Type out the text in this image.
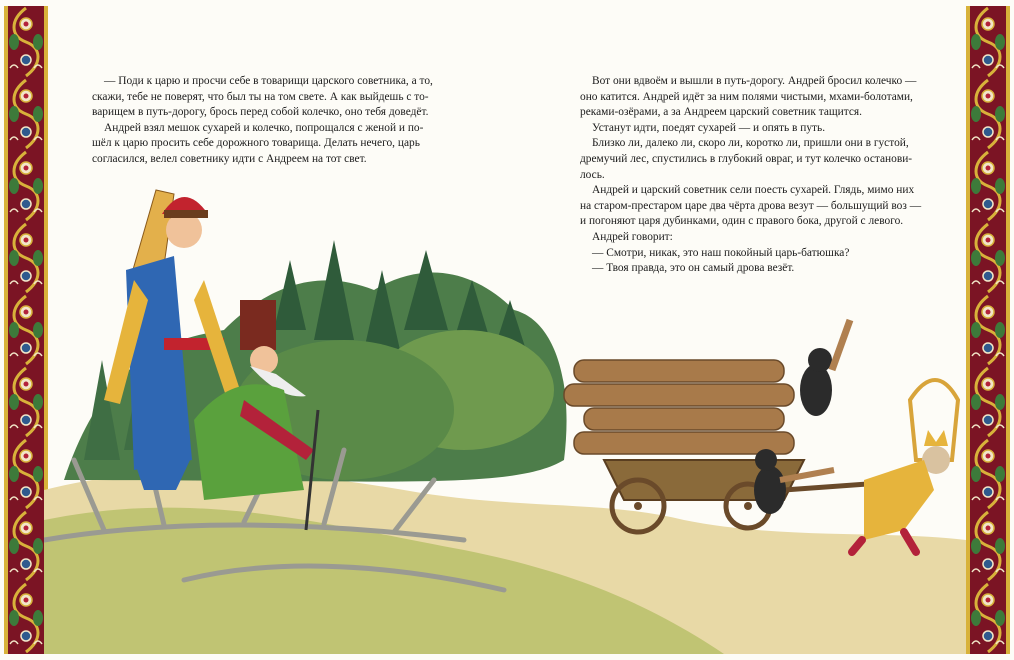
— Поди к царю и просчи себе в товарищи царского советника, а то,
скажи, тебе не поверят, что был ты на том свете. А как выйдешь с то-
варищем в путь-дорогу, брось перед собой колечко, оно тебя доведёт.

Андрей взял мешок сухарей и колечко, попрощался с женой и по-
шёл к царю просить себе дорожного товарища. Делать нечего, царь
согласился, велел советнику идти с Андреем на тот свет.

Вот они вдвоём и вышли в путь-дорогу. Андрей бросил колечко —
оно катится. Андрей идёт за ним полями чистыми, мхами-болотами,
реками-озёрами, а за Андреем царский советник тащится.

Устанут идти, поедят сухарей — и опять в путь.

Близко ли, далеко ли, скоро ли, коротко ли, пришли они в густой,
дремучий лес, спустились в глубокий овраг, и тут колечко останови-
лось.

Андрей и царский советник сели поесть сухарей. Глядь, мимо них
на старом-престаром царе два чёрта дрова везут — большущий воз —
и погоняют царя дубинками, один с правого бока, другой с левого.

Андрей говорит:

— Смотри, никак, это наш покойный царь-батюшка?

— Твоя правда, это он самый дрова везёт.
